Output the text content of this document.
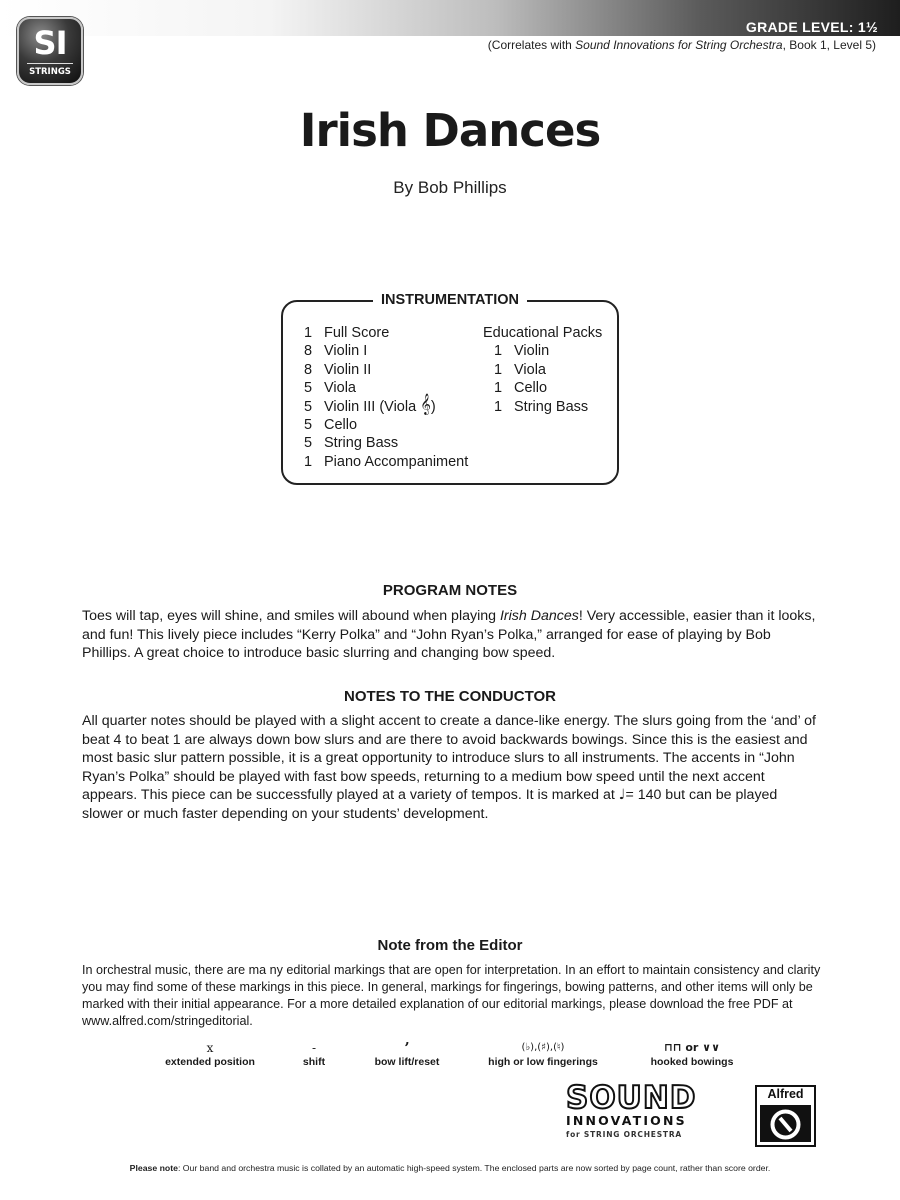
GRADE LEVEL: 1½
(Correlates with Sound Innovations for String Orchestra, Book 1, Level 5)
SI
STRINGS
Irish Dances
By Bob Phillips
INSTRUMENTATION
1 Full Score
8 Violin I
8 Violin II
5 Viola
5 Violin III (Viola 𝄞 )
5 Cello
5 String Bass
1 Piano Accompaniment
Educational Packs
1 Violin
1 Viola
1 Cello
1 String Bass
PROGRAM NOTES
Toes will tap, eyes will shine, and smiles will abound when playing Irish Dances! Very accessible, easier than it looks, and fun! This lively piece includes “Kerry Polka” and “John Ryan’s Polka,” arranged for ease of playing by Bob Phillips. A great choice to introduce basic slurring and changing bow speed.
NOTES TO THE CONDUCTOR
All quarter notes should be played with a slight accent to create a dance-like energy. The slurs going from the ‘and’ of beat 4 to beat 1 are always down bow slurs and are there to avoid backwards bowings. Since this is the easiest and most basic slur pattern possible, it is a great opportunity to introduce slurs to all instruments. The accents in “John Ryan’s Polka” should be played with fast bow speeds, returning to a medium bow speed until the next accent appears. This piece can be successfully played at a variety of tempos. It is marked at ♩= 140 but can be played slower or much faster depending on your students’ development.
Note from the Editor
In orchestral music, there are ma ny editorial markings that are open for interpretation. In an effort to maintain consistency and clarity you may find some of these markings in this piece. In general, markings for fingerings, bowing patterns, and other items will only be marked with their initial appearance. For a more detailed explanation of our editorial markings, please download the free PDF at www.alfred.com/stringeditorial.
x
extended position
-
shift
’
bow lift/reset
(♭),(♯),(♮)
high or low fingerings
⊓⊓ or ∨∨
hooked bowings
SOUND
INNOVATIONS
for STRING ORCHESTRA
Alfred
Please note: Our band and orchestra music is collated by an automatic high-speed system. The enclosed parts are now sorted by page count, rather than score order.
